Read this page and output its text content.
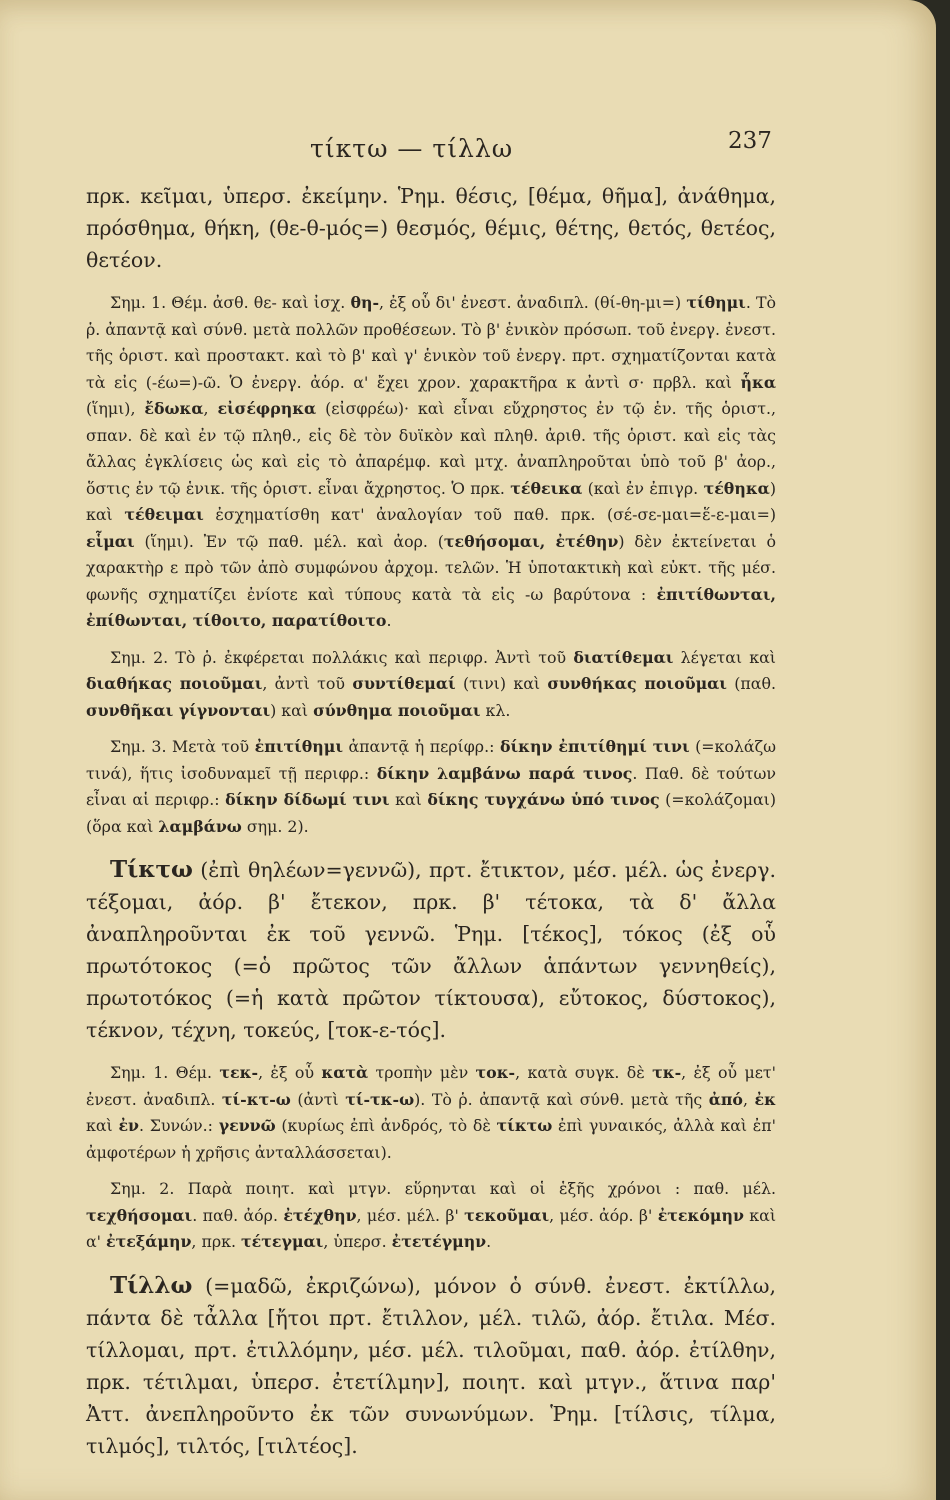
τίκτω — τίλλω	237

πρκ. κεῖμαι, ὑπερσ. ἐκείμην. Ῥημ. θέσις, [θέμα, θῆμα], ἀνάθημα, πρόσθημα, θήκη, (θε-θ-μός=) θεσμός, θέμις, θέτης, θετός, θετέος, θετέον.

Σημ. 1. Θέμ. ἀσθ. θε- καὶ ἰσχ. θη-, ἐξ οὗ δι' ἐνεστ. ἀναδιπλ. (θί-θη-μι=) τίθημι. Τὸ ῥ. ἀπαντᾷ καὶ σύνθ. μετὰ πολλῶν προθέσεων. Τὸ β' ἑνικὸν πρόσωπ. τοῦ ἐνεργ. ἐνεστ. τῆς ὁριστ. καὶ προστακτ. καὶ τὸ β' καὶ γ' ἑνικὸν τοῦ ἐνεργ. πρτ. σχηματίζονται κατὰ τὰ εἰς (-έω=)-ῶ. Ὁ ἐνεργ. ἀόρ. α' ἔχει χρον. χαρακτῆρα κ ἀντὶ σ· πρβλ. καὶ ἧκα (ἵημι), ἔδωκα, εἰσέφρηκα (εἰσφρέω)· καὶ εἶναι εὔχρηστος ἐν τῷ ἑν. τῆς ὁριστ., σπαν. δὲ καὶ ἐν τῷ πληθ., εἰς δὲ τὸν δυϊκὸν καὶ πληθ. ἀριθ. τῆς ὁριστ. καὶ εἰς τὰς ἄλλας ἐγκλίσεις ὡς καὶ εἰς τὸ ἀπαρέμφ. καὶ μτχ. ἀναπληροῦται ὑπὸ τοῦ β' ἀορ., ὅστις ἐν τῷ ἑνικ. τῆς ὁριστ. εἶναι ἄχρηστος. Ὁ πρκ. τέθεικα (καὶ ἐν ἐπιγρ. τέθηκα) καὶ τέθειμαι ἐσχηματίσθη κατ' ἀναλογίαν τοῦ παθ. πρκ. (σέ-σε-μαι=ἕ-ε-μαι=) εἷμαι (ἵημι). Ἐν τῷ παθ. μέλ. καὶ ἀορ. (τεθήσομαι, ἐτέθην) δὲν ἐκτείνεται ὁ χαρακτὴρ ε πρὸ τῶν ἀπὸ συμφώνου ἀρχομ. τελῶν. Ἡ ὑποτακτικὴ καὶ εὐκτ. τῆς μέσ. φωνῆς σχηματίζει ἐνίοτε καὶ τύπους κατὰ τὰ εἰς -ω βαρύτονα : ἐπιτίθωνται, ἐπίθωνται, τίθοιτο, παρατίθοιτο.

Σημ. 2. Τὸ ῥ. ἐκφέρεται πολλάκις καὶ περιφρ. Ἀντὶ τοῦ διατίθεμαι λέγεται καὶ διαθήκας ποιοῦμαι, ἀντὶ τοῦ συντίθεμαί (τινι) καὶ συνθήκας ποιοῦμαι (παθ. συνθῆκαι γίγνονται) καὶ σύνθημα ποιοῦμαι κλ.

Σημ. 3. Μετὰ τοῦ ἐπιτίθημι ἀπαντᾷ ἡ περίφρ.: δίκην ἐπιτίθημί τινι (=κολάζω τινά), ἥτις ἰσοδυναμεῖ τῇ περιφρ.: δίκην λαμβάνω παρά τινος. Παθ. δὲ τούτων εἶναι αἱ περιφρ.: δίκην δίδωμί τινι καὶ δίκης τυγχάνω ὑπό τινος (=κολάζομαι) (ὅρα καὶ λαμβάνω σημ. 2).

Τίκτω (ἐπὶ θηλέων=γεννῶ), πρτ. ἔτικτον, μέσ. μέλ. ὡς ἐνεργ. τέξομαι, ἀόρ. β' ἔτεκον, πρκ. β' τέτοκα, τὰ δ' ἄλλα ἀναπληροῦνται ἐκ τοῦ γεννῶ. Ῥημ. [τέκος], τόκος (ἐξ οὗ πρωτότοκος (=ὁ πρῶτος τῶν ἄλλων ἁπάντων γεννηθείς), πρωτοτόκος (=ἡ κατὰ πρῶτον τίκτουσα), εὔτοκος, δύστοκος), τέκνον, τέχνη, τοκεύς, [τοκ-ε-τός].

Σημ. 1. Θέμ. τεκ-, ἐξ οὗ κατὰ τροπὴν μὲν τοκ-, κατὰ συγκ. δὲ τκ-, ἐξ οὗ μετ' ἐνεστ. ἀναδιπλ. τί-κτ-ω (ἀντὶ τί-τκ-ω). Τὸ ῥ. ἀπαντᾷ καὶ σύνθ. μετὰ τῆς ἀπό, ἐκ καὶ ἐν. Συνών.: γεννῶ (κυρίως ἐπὶ ἀνδρός, τὸ δὲ τίκτω ἐπὶ γυναικός, ἀλλὰ καὶ ἐπ' ἀμφοτέρων ἡ χρῆσις ἀνταλλάσσεται).

Σημ. 2. Παρὰ ποιητ. καὶ μτγν. εὕρηνται καὶ οἱ ἑξῆς χρόνοι : παθ. μέλ. τεχθήσομαι. παθ. ἀόρ. ἐτέχθην, μέσ. μέλ. β' τεκοῦμαι, μέσ. ἀόρ. β' ἐτεκόμην καὶ α' ἐτεξάμην, πρκ. τέτεγμαι, ὑπερσ. ἐτετέγμην.

Τίλλω (=μαδῶ, ἐκριζώνω), μόνον ὁ σύνθ. ἐνεστ. ἐκτίλλω, πάντα δὲ τἆλλα [ἤτοι πρτ. ἔτιλλον, μέλ. τιλῶ, ἀόρ. ἔτιλα. Μέσ. τίλλομαι, πρτ. ἐτιλλόμην, μέσ. μέλ. τιλοῦμαι, παθ. ἀόρ. ἐτίλθην, πρκ. τέτιλμαι, ὑπερσ. ἐτετίλμην], ποιητ. καὶ μτγν., ἅτινα παρ' Ἀττ. ἀνεπληροῦντο ἐκ τῶν συνωνύμων. Ῥημ. [τίλσις, τίλμα, τιλμός], τιλτός, [τιλτέος].
